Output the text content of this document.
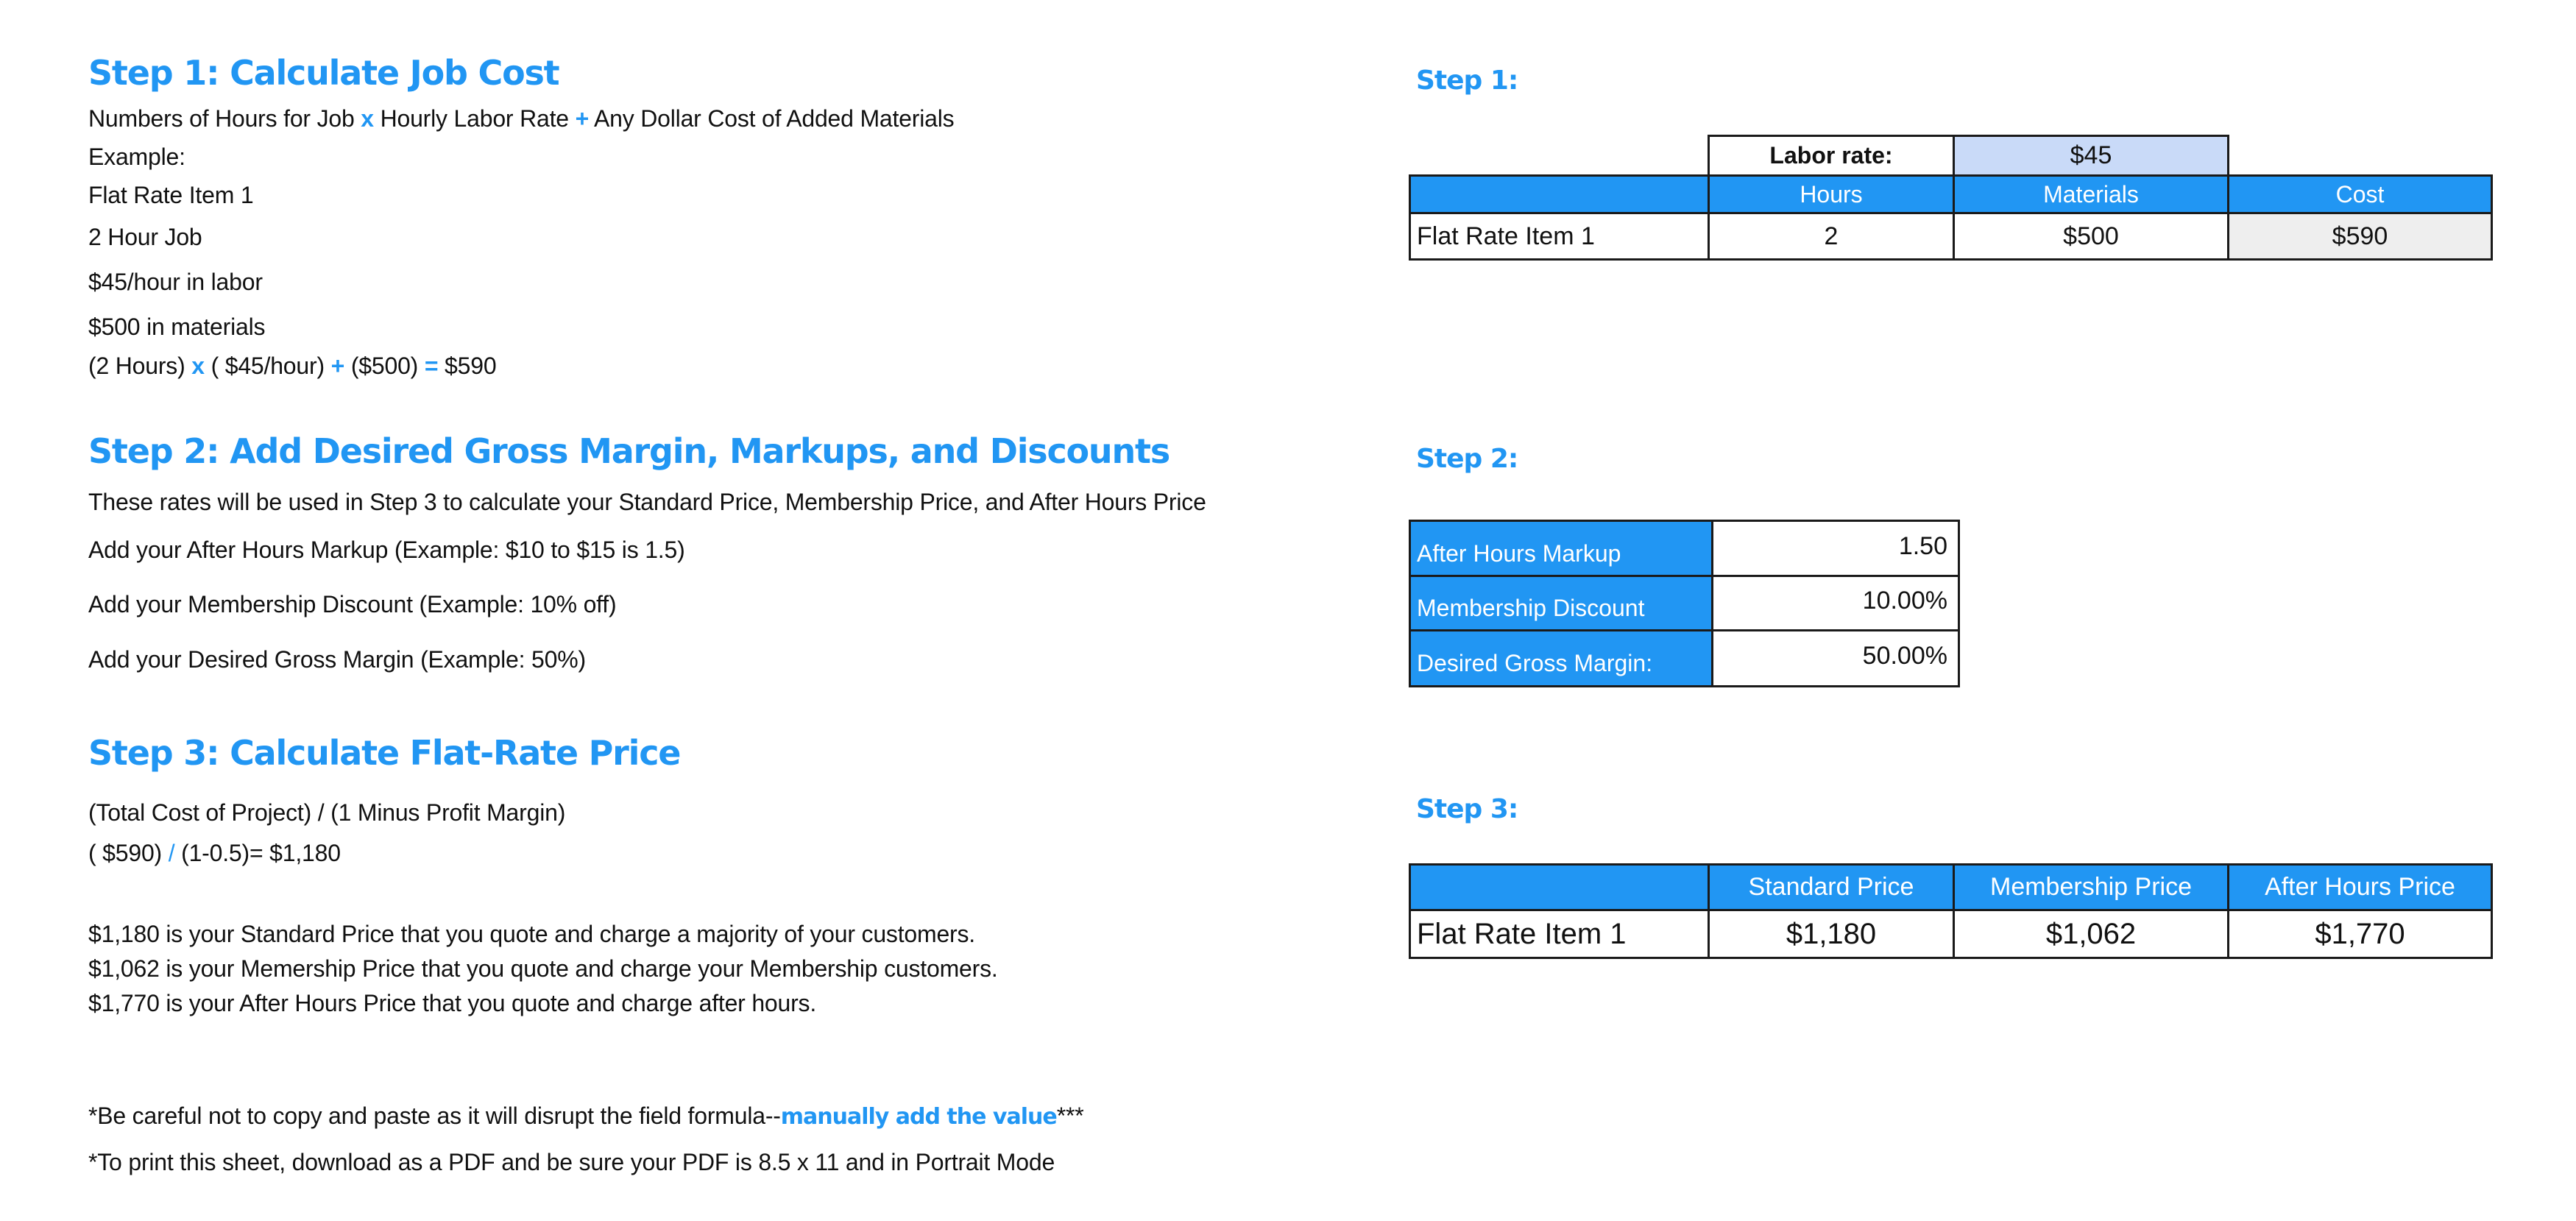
Step 1: Calculate Job Cost
Numbers of Hours for Job x Hourly Labor Rate + Any Dollar Cost of Added Materials
Example:
Flat Rate Item 1
2 Hour Job
$45/hour in labor
$500 in materials
(2 Hours) x ( $45/hour) + ($500) = $590
Step 2: Add Desired Gross Margin, Markups, and Discounts
These rates will be used in Step 3 to calculate your Standard Price, Membership Price, and After Hours Price
Add your After Hours Markup (Example: $10 to $15 is 1.5)
Add your Membership Discount (Example: 10% off)
Add your Desired Gross Margin (Example: 50%)
Step 3: Calculate Flat-Rate Price
(Total Cost of Project) / (1 Minus Profit Margin)
( $590) / (1-0.5)= $1,180
$1,180 is your Standard Price that you quote and charge a majority of your customers.
$1,062 is your Memership Price that you quote and charge your Membership customers.
$1,770 is your After Hours Price that you quote and charge after hours.
*Be careful not to copy and paste as it will disrupt the field formula--manually add the value***
*To print this sheet, download as a PDF and be sure your PDF is 8.5 x 11 and in Portrait Mode
Step 1:
	Labor rate:	$45	
	Hours	Materials	Cost
Flat Rate Item 1	2	$500	$590
Step 2:
After Hours Markup	1.50
Membership Discount	10.00%
Desired Gross Margin:	50.00%
Step 3:
	Standard Price	Membership Price	After Hours Price
Flat Rate Item 1	$1,180	$1,062	$1,770
